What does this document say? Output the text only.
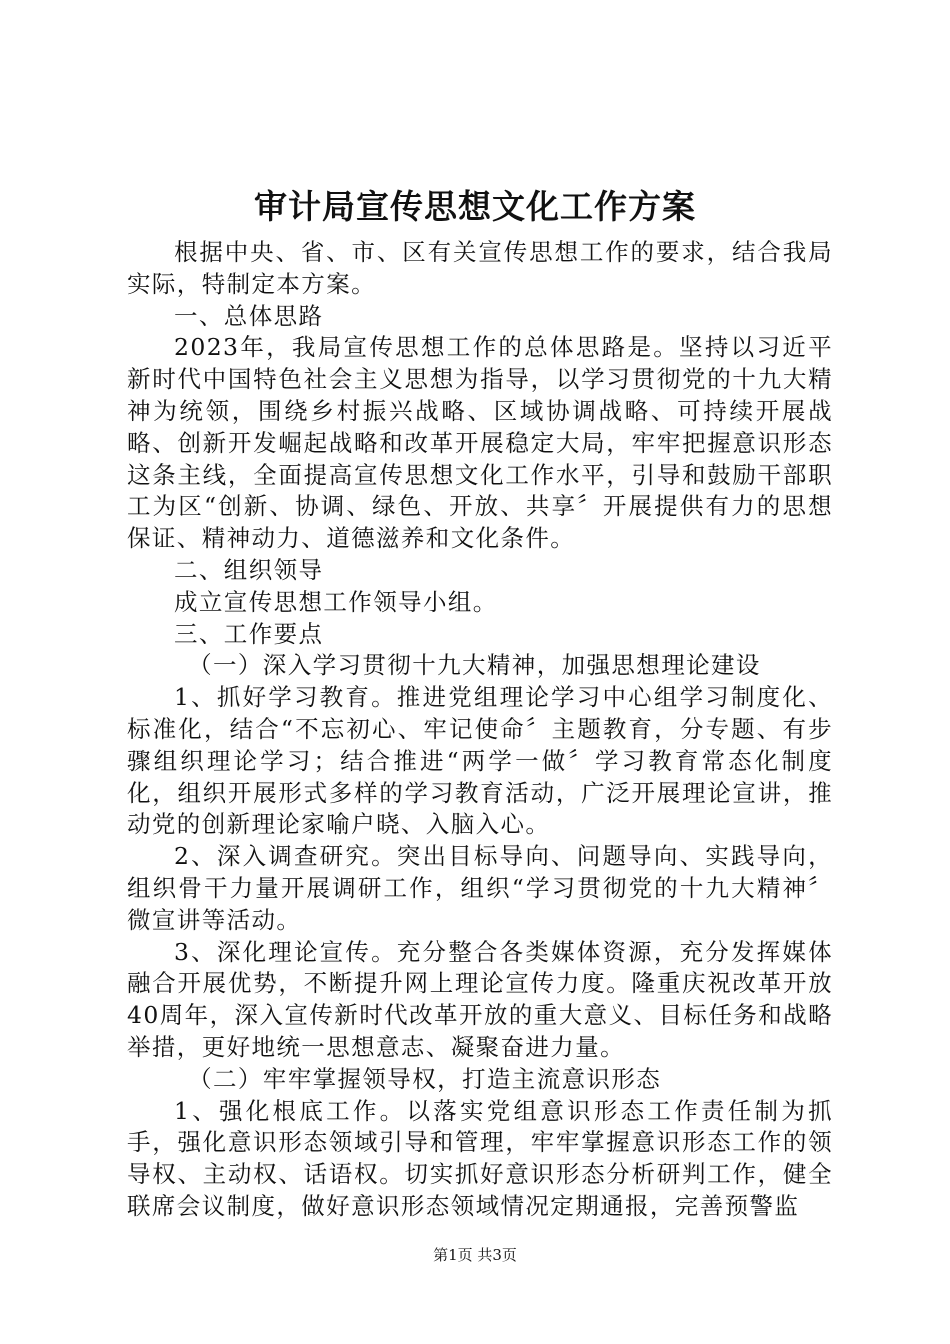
审计局宣传思想文化工作方案

根据中央、省、市、区有关宣传思想工作的要求，结合我局实际，特制定本方案。

一、总体思路

2023年，我局宣传思想工作的总体思路是。坚持以习近平新时代中国特色社会主义思想为指导，以学习贯彻党的十九大精神为统领，围绕乡村振兴战略、区域协调战略、可持续开展战略、创新开发崛起战略和改革开展稳定大局，牢牢把握意识形态这条主线，全面提高宣传思想文化工作水平，引导和鼓励干部职工为区“创新、协调、绿色、开放、共享〞开展提供有力的思想保证、精神动力、道德滋养和文化条件。

二、组织领导

成立宣传思想工作领导小组。

三、工作要点

（一）深入学习贯彻十九大精神，加强思想理论建设

1、抓好学习教育。推进党组理论学习中心组学习制度化、标准化，结合“不忘初心、牢记使命〞主题教育，分专题、有步骤组织理论学习；结合推进“两学一做〞学习教育常态化制度化，组织开展形式多样的学习教育活动，广泛开展理论宣讲，推动党的创新理论家喻户晓、入脑入心。

2、深入调查研究。突出目标导向、问题导向、实践导向，组织骨干力量开展调研工作，组织“学习贯彻党的十九大精神〞微宣讲等活动。

3、深化理论宣传。充分整合各类媒体资源，充分发挥媒体融合开展优势，不断提升网上理论宣传力度。隆重庆祝改革开放40周年，深入宣传新时代改革开放的重大意义、目标任务和战略举措，更好地统一思想意志、凝聚奋进力量。

（二）牢牢掌握领导权，打造主流意识形态

1、强化根底工作。以落实党组意识形态工作责任制为抓手，强化意识形态领域引导和管理，牢牢掌握意识形态工作的领导权、主动权、话语权。切实抓好意识形态分析研判工作，健全联席会议制度，做好意识形态领域情况定期通报，完善预警监

第1页 共3页
